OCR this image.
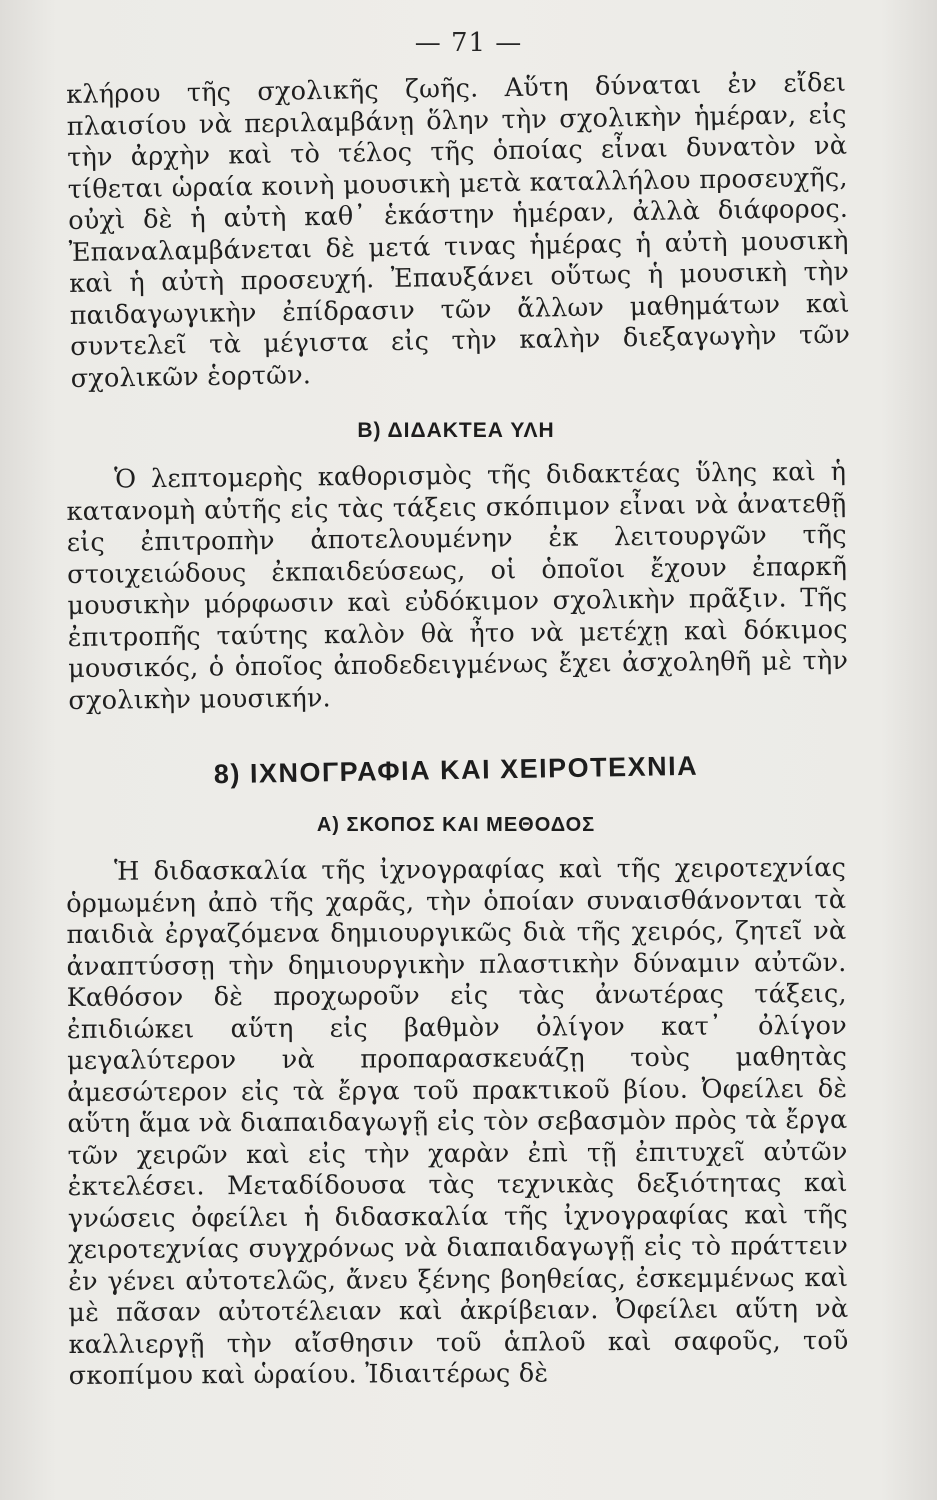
— 71 —

κλήρου τῆς σχολικῆς ζωῆς. Αὕτη δύναται ἐν εἴδει πλαισίου νὰ περιλαμβάνῃ ὅλην τὴν σχολικὴν ἡμέραν, εἰς τὴν ἀρχὴν καὶ τὸ τέλος τῆς ὁποίας εἶναι δυνατὸν νὰ τίθεται ὡραία κοινὴ μουσικὴ μετὰ καταλλήλου προσευχῆς, οὐχὶ δὲ ἡ αὐτὴ καθ᾽ ἑκάστην ἡμέραν, ἀλλὰ διάφορος. Ἐπαναλαμβάνεται δὲ μετά τινας ἡμέρας ἡ αὐτὴ μουσικὴ καὶ ἡ αὐτὴ προσευχή. Ἐπαυξάνει οὕτως ἡ μουσικὴ τὴν παιδαγωγικὴν ἐπίδρασιν τῶν ἄλλων μαθημάτων καὶ συντελεῖ τὰ μέγιστα εἰς τὴν καλὴν διεξαγωγὴν τῶν σχολικῶν ἑορτῶν.

Β) ΔΙΔΑΚΤΕΑ ΥΛΗ

Ὁ λεπτομερὴς καθορισμὸς τῆς διδακτέας ὕλης καὶ ἡ κατανομὴ αὐτῆς εἰς τὰς τάξεις σκόπιμον εἶναι νὰ ἀνατεθῇ εἰς ἐπιτροπὴν ἀποτελουμένην ἐκ λειτουργῶν τῆς στοιχειώδους ἐκπαιδεύσεως, οἱ ὁποῖοι ἔχουν ἐπαρκῆ μουσικὴν μόρφωσιν καὶ εὐδόκιμον σχολικὴν πρᾶξιν. Τῆς ἐπιτροπῆς ταύτης καλὸν θὰ ἦτο νὰ μετέχῃ καὶ δόκιμος μουσικός, ὁ ὁποῖος ἀποδεδειγμένως ἔχει ἀσχοληθῆ μὲ τὴν σχολικὴν μουσικήν.

8) ΙΧΝΟΓΡΑΦΙΑ ΚΑΙ ΧΕΙΡΟΤΕΧΝΙΑ
Α) ΣΚΟΠΟΣ ΚΑΙ ΜΕΘΟΔΟΣ

Ἡ διδασκαλία τῆς ἰχνογραφίας καὶ τῆς χειροτεχνίας ὁρμωμένη ἀπὸ τῆς χαρᾶς, τὴν ὁποίαν συναισθάνονται τὰ παιδιὰ ἐργαζόμενα δημιουργικῶς διὰ τῆς χειρός, ζητεῖ νὰ ἀναπτύσσῃ τὴν δημιουργικὴν πλαστικὴν δύναμιν αὐτῶν. Καθόσον δὲ προχωροῦν εἰς τὰς ἀνωτέρας τάξεις, ἐπιδιώκει αὕτη εἰς βαθμὸν ὀλίγον κατ᾽ ὀλίγον μεγαλύτερον νὰ προπαρασκευάζῃ τοὺς μαθητὰς ἀμεσώτερον εἰς τὰ ἔργα τοῦ πρακτικοῦ βίου. Ὀφείλει δὲ αὕτη ἅμα νὰ διαπαιδαγωγῇ εἰς τὸν σεβασμὸν πρὸς τὰ ἔργα τῶν χειρῶν καὶ εἰς τὴν χαρὰν ἐπὶ τῇ ἐπιτυχεῖ αὐτῶν ἐκτελέσει. Μεταδίδουσα τὰς τεχνικὰς δεξιότητας καὶ γνώσεις ὀφείλει ἡ διδασκαλία τῆς ἰχνογραφίας καὶ τῆς χειροτεχνίας συγχρόνως νὰ διαπαιδαγωγῇ εἰς τὸ πράττειν ἐν γένει αὐτοτελῶς, ἄνευ ξένης βοηθείας, ἐσκεμμένως καὶ μὲ πᾶσαν αὐτοτέλειαν καὶ ἀκρίβειαν. Ὀφείλει αὕτη νὰ καλλιεργῇ τὴν αἴσθησιν τοῦ ἁπλοῦ καὶ σαφοῦς, τοῦ σκοπίμου καὶ ὡραίου. Ἰδιαιτέρως δὲ
